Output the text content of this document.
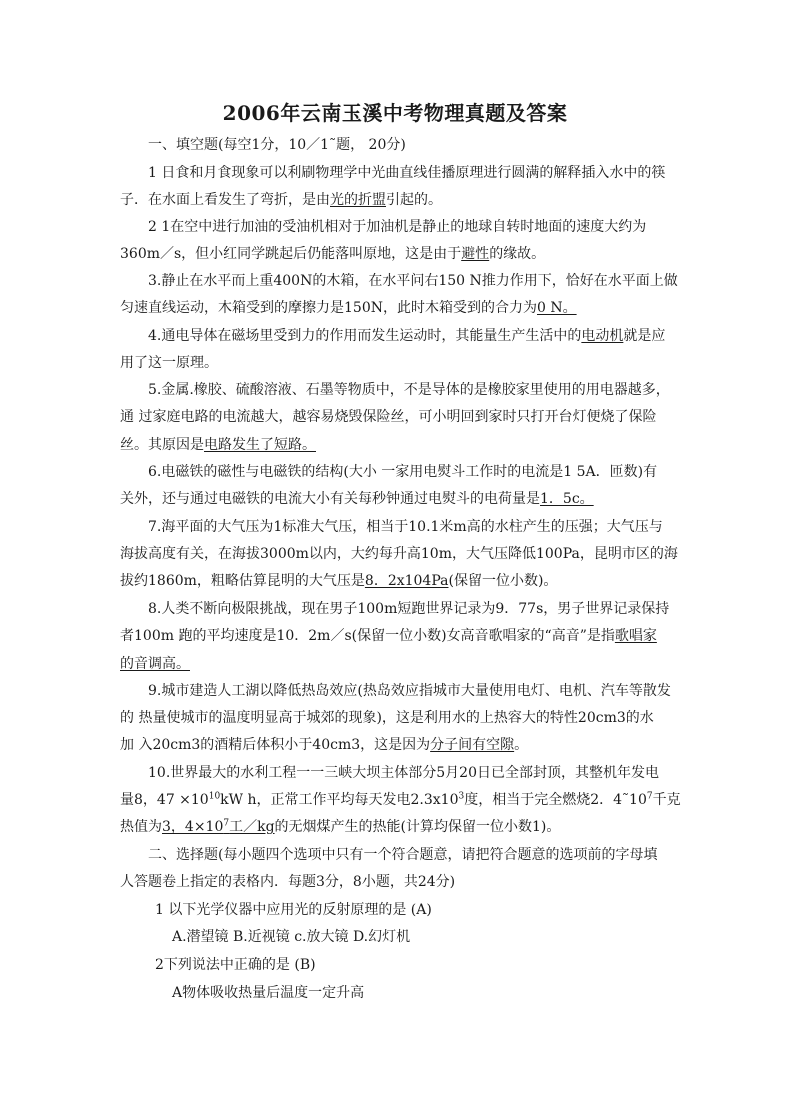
2006年云南玉溪中考物理真题及答案
一、填空题(每空1分，10／1˜题， 20分)
1 日食和月食现象可以利刷物理学中光曲直线佳播原理进行圆满的解释插入水中的筷
子．在水面上看发生了弯折，是由光的折盟引起的。
2 1在空中进行加油的受油机相对于加油机是静止的地球自转时地面的速度大约为
360m／s，但小红同学跳起后仍能落叫原地，这是由于避性的缘故。
3.静止在水平而上重400N的木箱，在水平问右150 N推力作用下，恰好在水平面上做
匀速直线运动，木箱受到的摩擦力是150N，此时木箱受到的合力为0 N。
4.通电导体在磁场里受到力的作用而发生运动时，其能量生产生活中的电动机就是应
用了这一原理。
5.金属.橡胶、硫酸溶液、石墨等物质中，不是导体的是橡胶家里使用的用电器越多，
通 过家庭电路的电流越大，越容易烧毁保险丝，可小明回到家时只打开台灯便烧了保险
丝。其原因是电路发生了短路。
6.电磁铁的磁性与电磁铁的结构(大小 一家用电熨斗工作时的电流是1 5A．匝数)有
关外，还与通过电磁铁的电流大小有关每秒钟通过电熨斗的电荷量是1．5c。
7.海平面的大气压为1标准大气压，相当于10.1米m高的水柱产生的压强；大气压与
海拔高度有关，在海拔3000m以内，大约每升高10m，大气压降低100Pa，昆明市区的海
拔约1860m，粗略估算昆明的大气压是8．2x104Pa(保留一位小数)。
8.人类不断向极限挑战，现在男子100m短跑世界记录为9．77s，男子世界记录保持
者100m 跑的平均速度是10．2m／s(保留一位小数)女高音歌唱家的“高音”是指歌唱家
的音调高。
9.城市建造人工湖以降低热岛效应(热岛效应指城市大量使用电灯、电机、汽车等散发
的 热量使城市的温度明显高于城郊的现象)，这是利用水的上热容大的特性20cm3的水
加 入20cm3的酒精后体积小于40cm3，这是因为分子间有空隙。
10.世界最大的水利工程一一三峡大坝主体部分5月20日已全部封顶，其整机年发电
量8，$47 \times 10^{10}kW$ h，正常工作平均每天发电$2.3x10^3$度，相当于完全燃烧2．$4˜10^7$千克
热值为3，$4\times 10^7$工／kg的无烟煤产生的热能(计算均保留一位小数1)。
二、选择题(每小题四个选项中只有一个符合题意，请把符合题意的选项前的字母填
人答题卷上指定的表格内．每题3分，8小题，共24分)
1 以下光学仪器中应用光的反射原理的是 (A)
A.潜望镜 B.近视镜 c.放大镜 D.幻灯机
2下列说法中正确的是 (B)
A物体吸收热量后温度一定升高
